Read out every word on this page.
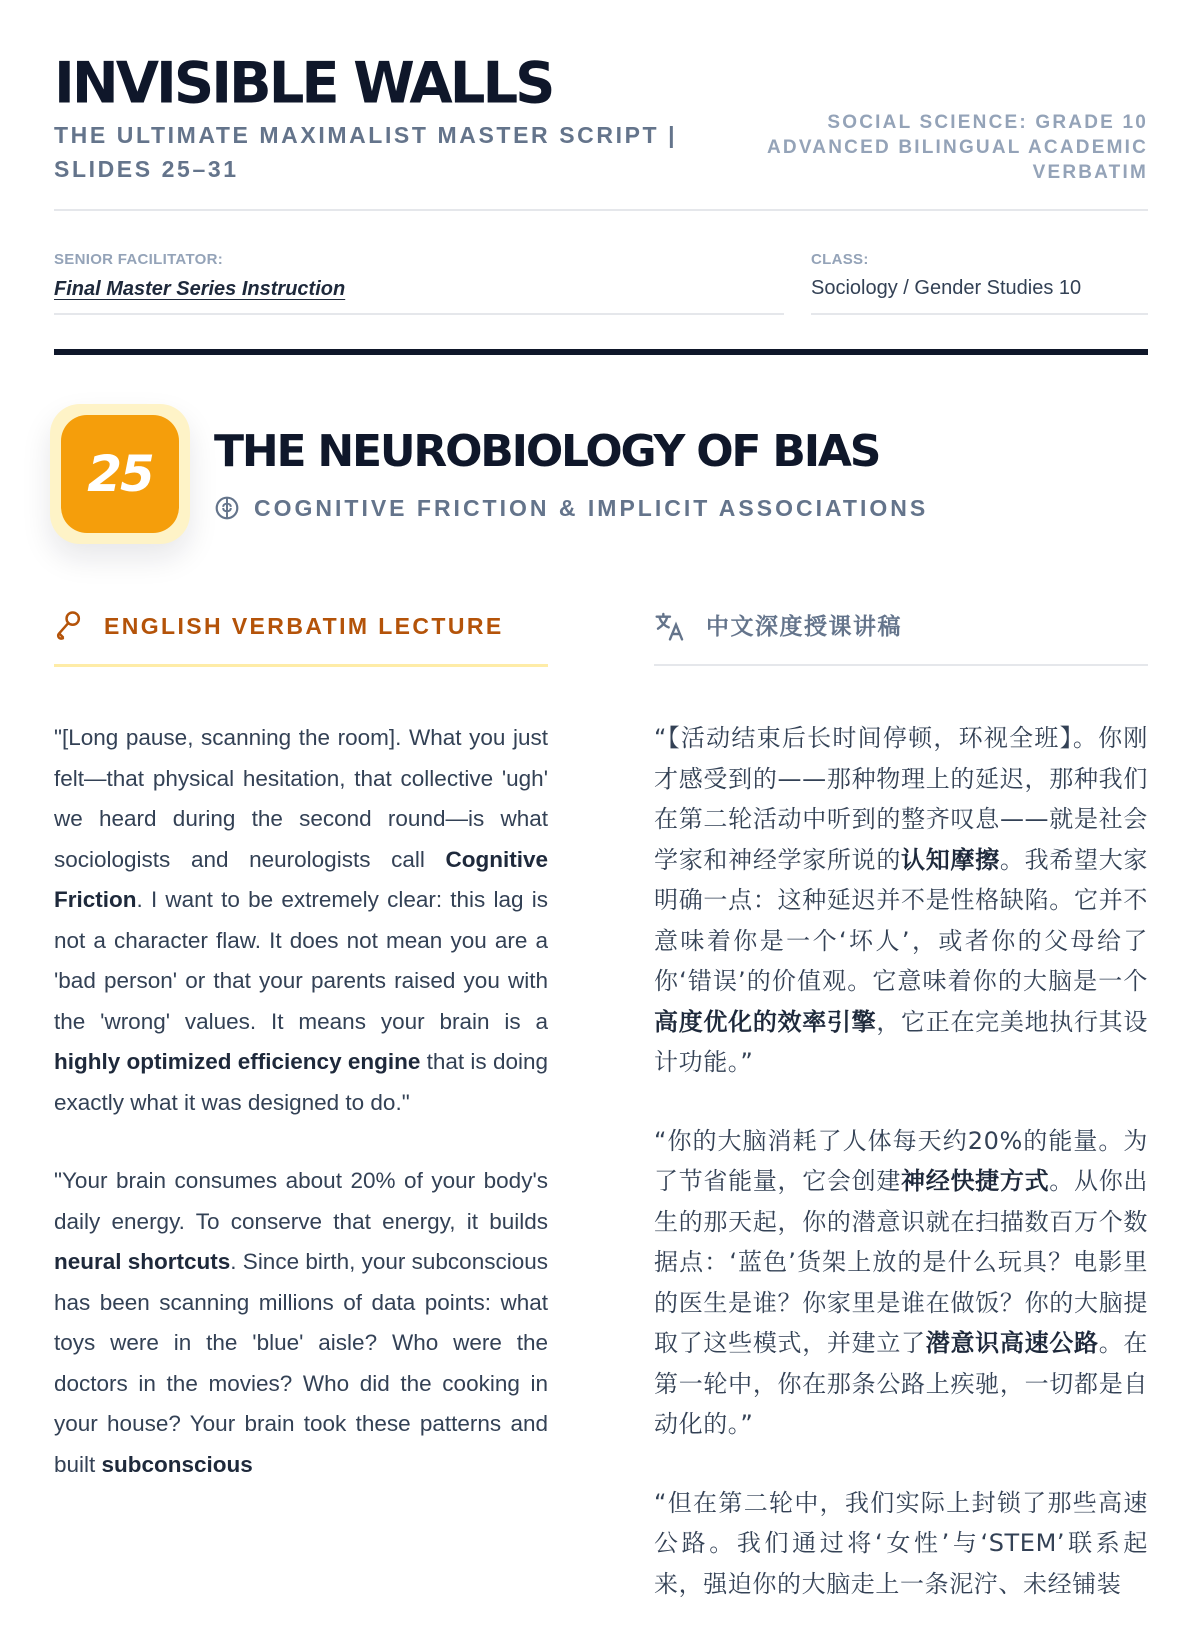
INVISIBLE WALLS
THE ULTIMATE MAXIMALIST MASTER SCRIPT | SLIDES 25–31
SOCIAL SCIENCE: GRADE 10 ADVANCED BILINGUAL ACADEMIC VERBATIM
SENIOR FACILITATOR:
Final Master Series Instruction
CLASS:
Sociology / Gender Studies 10
25	THE NEUROBIOLOGY OF BIAS
COGNITIVE FRICTION & IMPLICIT ASSOCIATIONS
ENGLISH VERBATIM LECTURE	中文深度授课讲稿

"[Long pause, scanning the room]. What you just felt—that physical hesitation, that collective 'ugh' we heard during the second round—is what sociologists and neurologists call Cognitive Friction. I want to be extremely clear: this lag is not a character flaw. It does not mean you are a 'bad person' or that your parents raised you with the 'wrong' values. It means your brain is a highly optimized efficiency engine that is doing exactly what it was designed to do."

"Your brain consumes about 20% of your body's daily energy. To conserve that energy, it builds neural shortcuts. Since birth, your subconscious has been scanning millions of data points: what toys were in the 'blue' aisle? Who were the doctors in the movies? Who did the cooking in your house? Your brain took these patterns and built subconscious

“【活动结束后长时间停顿，环视全班】。你刚才感受到的——那种物理上的延迟，那种我们在第二轮活动中听到的整齐叹息——就是社会学家和神经学家所说的认知摩擦。我希望大家明确一点：这种延迟并不是性格缺陷。它并不意味着你是一个‘坏人’，或者你的父母给了你‘错误’的价值观。它意味着你的大脑是一个高度优化的效率引擎，它正在完美地执行其设计功能。”

“你的大脑消耗了人体每天约20%的能量。为了节省能量，它会创建神经快捷方式。从你出生的那天起，你的潜意识就在扫描数百万个数据点：‘蓝色’货架上放的是什么玩具？电影里的医生是谁？你家里是谁在做饭？你的大脑提取了这些模式，并建立了潜意识高速公路。在第一轮中，你在那条公路上疾驰，一切都是自动化的。”

“但在第二轮中，我们实际上封锁了那些高速公路。我们通过将‘女性’与‘STEM’联系起来，强迫你的大脑走上一条泥泞、未经铺装
